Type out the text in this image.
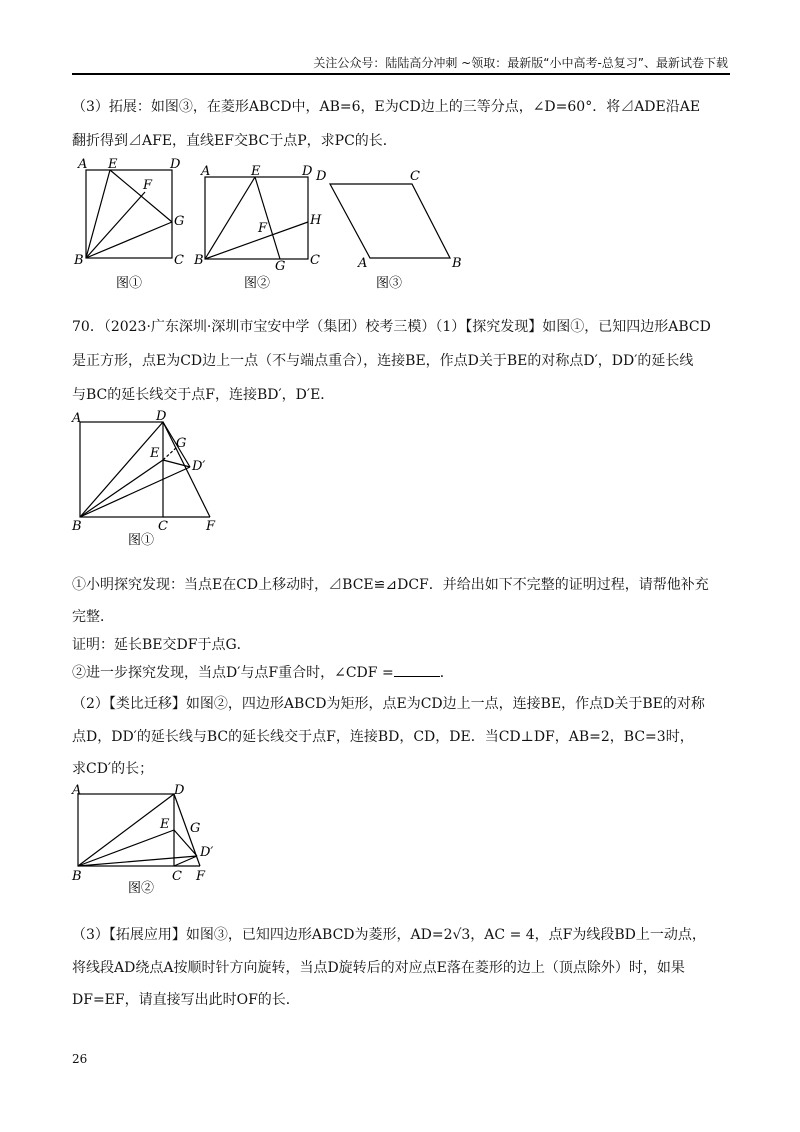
关注公众号：陆陆高分冲刺 ~领取：最新版“小中高考-总复习”、最新试卷下载
（3）拓展：如图③，在菱形ABCD中，AB=6，E为CD边上的三等分点，∠D=60°．将⊿ADE沿AE
翻折得到⊿AFE，直线EF交BC于点P，求PC的长．
A E	D
F
G
B	C
图①
A	E	D
H
F
B	G C
图②
D	C
A	B
图③
70．（2023·广东深圳·深圳市宝安中学（集团）校考三模）（1）【探究发现】如图①，已知四边形ABCD
是正方形，点E为CD边上一点（不与端点重合），连接BE，作点D关于BE的对称点D′，DD′的延长线
与BC的延长线交于点F，连接BD′，D′E．
A	D
G
E
D′
B	C	F
图①
①小明探究发现：当点E在CD上移动时，⊿BCE≌⊿DCF．并给出如下不完整的证明过程，请帮他补充
完整．
证明：延长BE交DF于点G．
②进一步探究发现，当点D′与点F重合时，∠CDF =	．
（2）【类比迁移】如图②，四边形ABCD为矩形，点E为CD边上一点，连接BE，作点D关于BE的对称
点D，DD′的延长线与BC的延长线交于点F，连接BD，CD，DE．当CD⊥DF，AB=2，BC=3时，
求CD′的长；
A	D
E G
D′
B	C F
图②
（3）【拓展应用】如图③，已知四边形ABCD为菱形，AD=2√3，AC = 4，点F为线段BD上一动点，
将线段AD绕点A按顺时针方向旋转，当点D旋转后的对应点E落在菱形的边上（顶点除外）时，如果
DF=EF，请直接写出此时OF的长．
26
